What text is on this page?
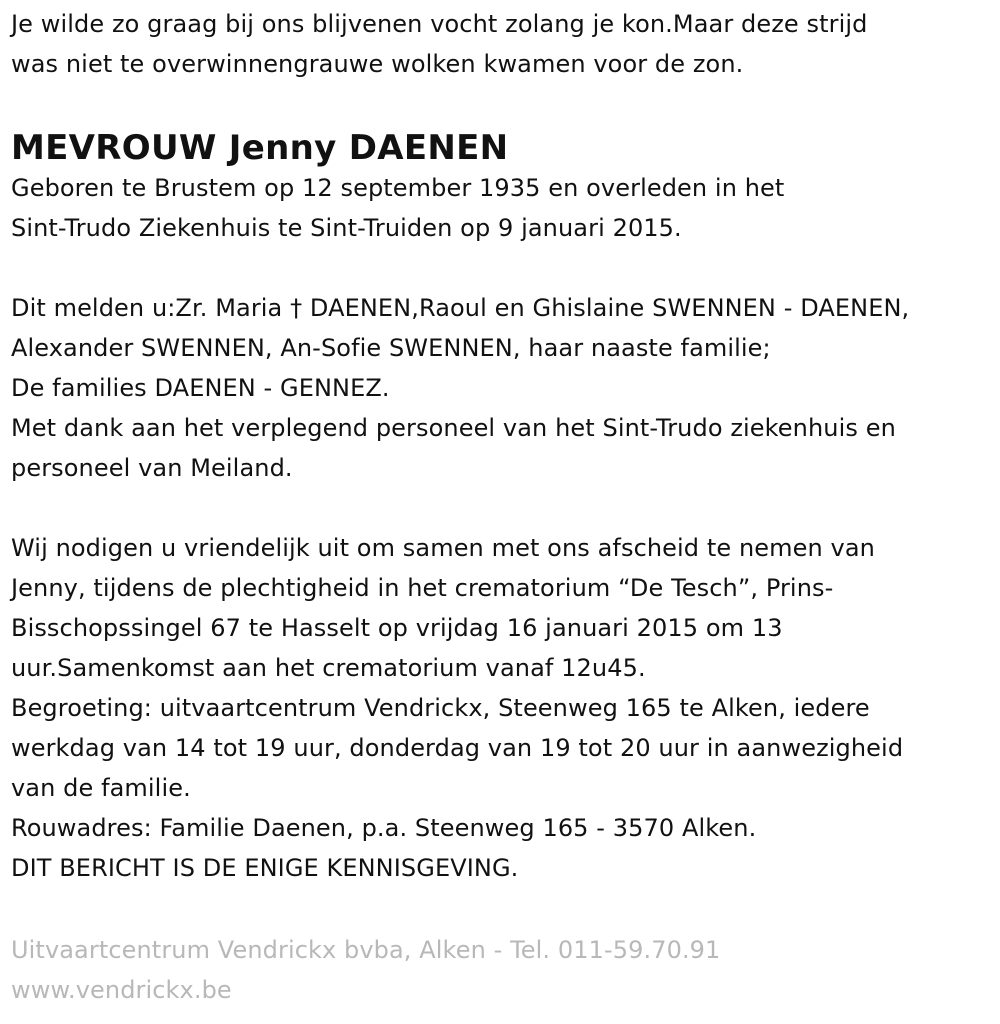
Je wilde zo graag bij ons blijvenen vocht zolang je kon.Maar deze strijd
was niet te overwinnengrauwe wolken kwamen voor de zon.
MEVROUW Jenny DAENEN
Geboren te Brustem op 12 september 1935 en overleden in het
Sint-Trudo Ziekenhuis te Sint-Truiden op 9 januari 2015.
Dit melden u:Zr. Maria † DAENEN,Raoul en Ghislaine SWENNEN - DAENEN,
Alexander SWENNEN, An-Sofie SWENNEN, haar naaste familie;
De families DAENEN - GENNEZ.
Met dank aan het verplegend personeel van het Sint-Trudo ziekenhuis en
personeel van Meiland.
Wij nodigen u vriendelijk uit om samen met ons afscheid te nemen van
Jenny, tijdens de plechtigheid in het crematorium “De Tesch”, Prins-
Bisschopssingel 67 te Hasselt op vrijdag 16 januari 2015 om 13
uur.Samenkomst aan het crematorium vanaf 12u45.
Begroeting: uitvaartcentrum Vendrickx, Steenweg 165 te Alken, iedere
werkdag van 14 tot 19 uur, donderdag van 19 tot 20 uur in aanwezigheid
van de familie.
Rouwadres: Familie Daenen, p.a. Steenweg 165 - 3570 Alken.
DIT BERICHT IS DE ENIGE KENNISGEVING.
Uitvaartcentrum Vendrickx bvba, Alken - Tel. 011-59.70.91
www.vendrickx.be
